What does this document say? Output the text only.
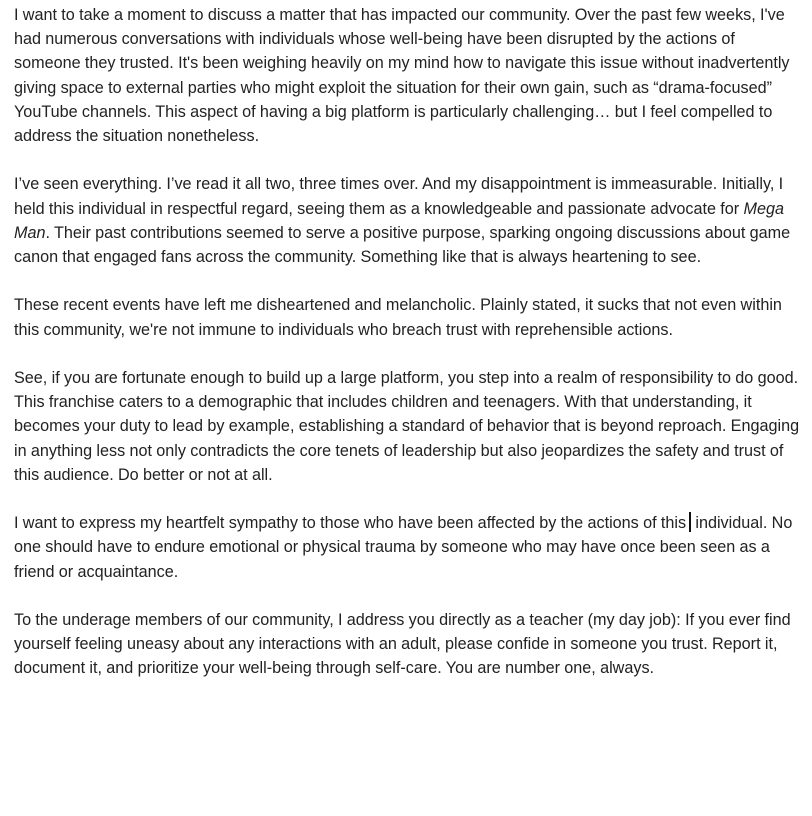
I want to take a moment to discuss a matter that has impacted our community. Over the past few weeks, I've had numerous conversations with individuals whose well-being have been disrupted by the actions of someone they trusted. It's been weighing heavily on my mind how to navigate this issue without inadvertently giving space to external parties who might exploit the situation for their own gain, such as “drama-focused” YouTube channels. This aspect of having a big platform is particularly challenging… but I feel compelled to address the situation nonetheless.

I’ve seen everything. I’ve read it all two, three times over. And my disappointment is immeasurable. Initially, I held this individual in respectful regard, seeing them as a knowledgeable and passionate advocate for Mega Man. Their past contributions seemed to serve a positive purpose, sparking ongoing discussions about game canon that engaged fans across the community. Something like that is always heartening to see.

These recent events have left me disheartened and melancholic. Plainly stated, it sucks that not even within this community, we're not immune to individuals who breach trust with reprehensible actions.

See, if you are fortunate enough to build up a large platform, you step into a realm of responsibility to do good. This franchise caters to a demographic that includes children and teenagers. With that understanding, it becomes your duty to lead by example, establishing a standard of behavior that is beyond reproach. Engaging in anything less not only contradicts the core tenets of leadership but also jeopardizes the safety and trust of this audience. Do better or not at all.

I want to express my heartfelt sympathy to those who have been affected by the actions of this individual. No one should have to endure emotional or physical trauma by someone who may have once been seen as a friend or acquaintance.

To the underage members of our community, I address you directly as a teacher (my day job): If you ever find yourself feeling uneasy about any interactions with an adult, please confide in someone you trust. Report it, document it, and prioritize your well-being through self-care. You are number one, always.
